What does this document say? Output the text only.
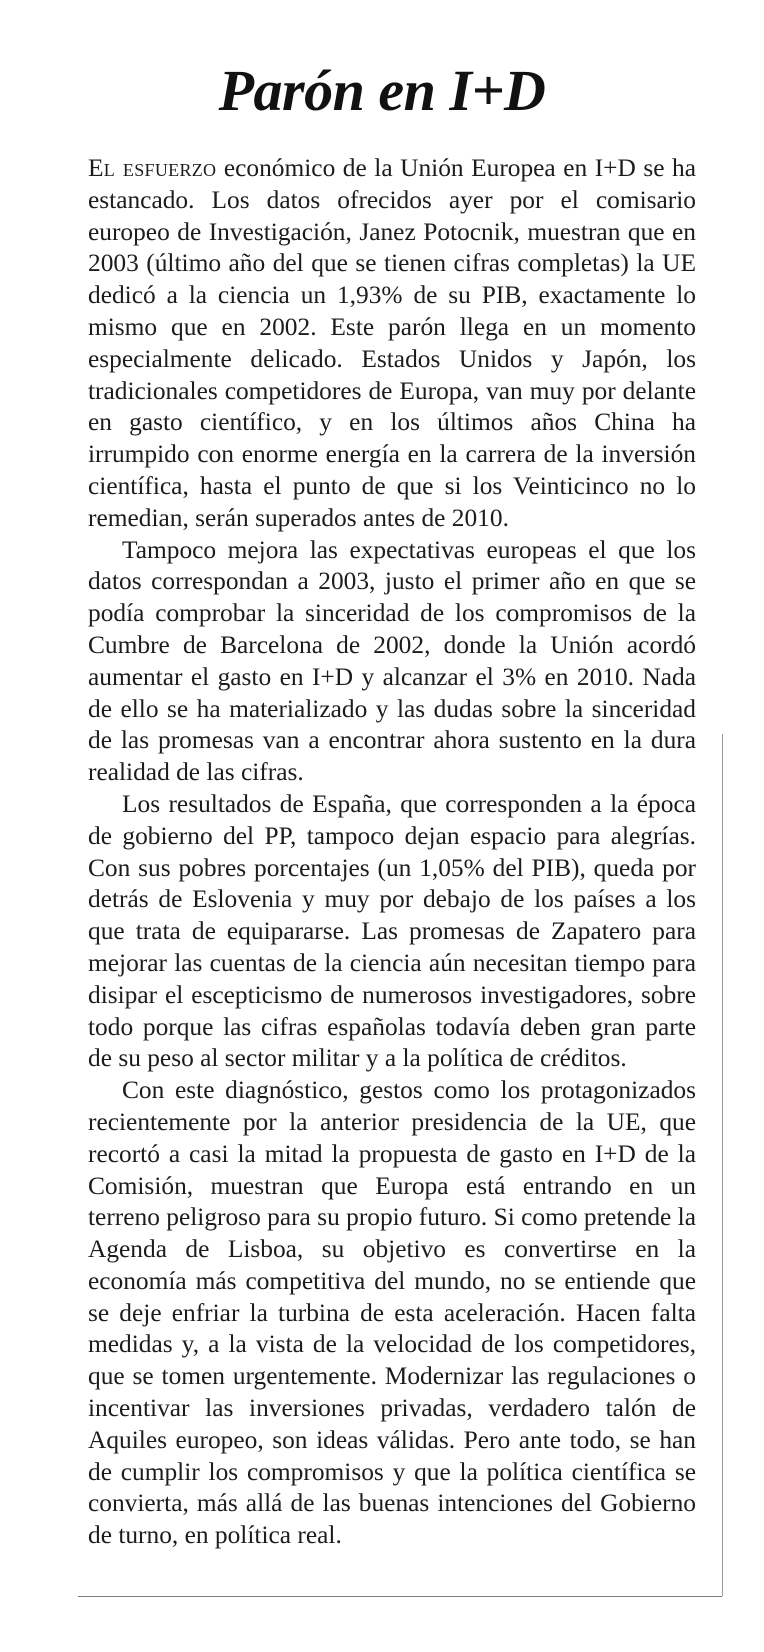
Parón en I+D

El esfuerzo económico de la Unión Europea en I+D se ha estancado. Los datos ofrecidos ayer por el comisario europeo de Investigación, Janez Potocnik, muestran que en 2003 (último año del que se tienen cifras completas) la UE dedicó a la ciencia un 1,93% de su PIB, exactamente lo mismo que en 2002. Este parón llega en un momento especialmente delicado. Estados Unidos y Japón, los tradicionales competidores de Europa, van muy por delante en gasto científico, y en los últimos años China ha irrumpido con enorme energía en la carrera de la inversión científica, hasta el punto de que si los Veinticinco no lo remedian, serán superados antes de 2010.

Tampoco mejora las expectativas europeas el que los datos correspondan a 2003, justo el primer año en que se podía comprobar la sinceridad de los compromisos de la Cumbre de Barcelona de 2002, donde la Unión acordó aumentar el gasto en I+D y alcanzar el 3% en 2010. Nada de ello se ha materializado y las dudas sobre la sinceridad de las promesas van a encontrar ahora sustento en la dura realidad de las cifras.

Los resultados de España, que corresponden a la época de gobierno del PP, tampoco dejan espacio para alegrías. Con sus pobres porcentajes (un 1,05% del PIB), queda por detrás de Eslovenia y muy por debajo de los países a los que trata de equipararse. Las promesas de Zapatero para mejorar las cuentas de la ciencia aún necesitan tiempo para disipar el escepticismo de numerosos investigadores, sobre todo porque las cifras españolas todavía deben gran parte de su peso al sector militar y a la política de créditos.

Con este diagnóstico, gestos como los protagonizados recientemente por la anterior presidencia de la UE, que recortó a casi la mitad la propuesta de gasto en I+D de la Comisión, muestran que Europa está entrando en un terreno peligroso para su propio futuro. Si como pretende la Agenda de Lisboa, su objetivo es convertirse en la economía más competitiva del mundo, no se entiende que se deje enfriar la turbina de esta aceleración. Hacen falta medidas y, a la vista de la velocidad de los competidores, que se tomen urgentemente. Modernizar las regulaciones o incentivar las inversiones privadas, verdadero talón de Aquiles europeo, son ideas válidas. Pero ante todo, se han de cumplir los compromisos y que la política científica se convierta, más allá de las buenas intenciones del Gobierno de turno, en política real.
